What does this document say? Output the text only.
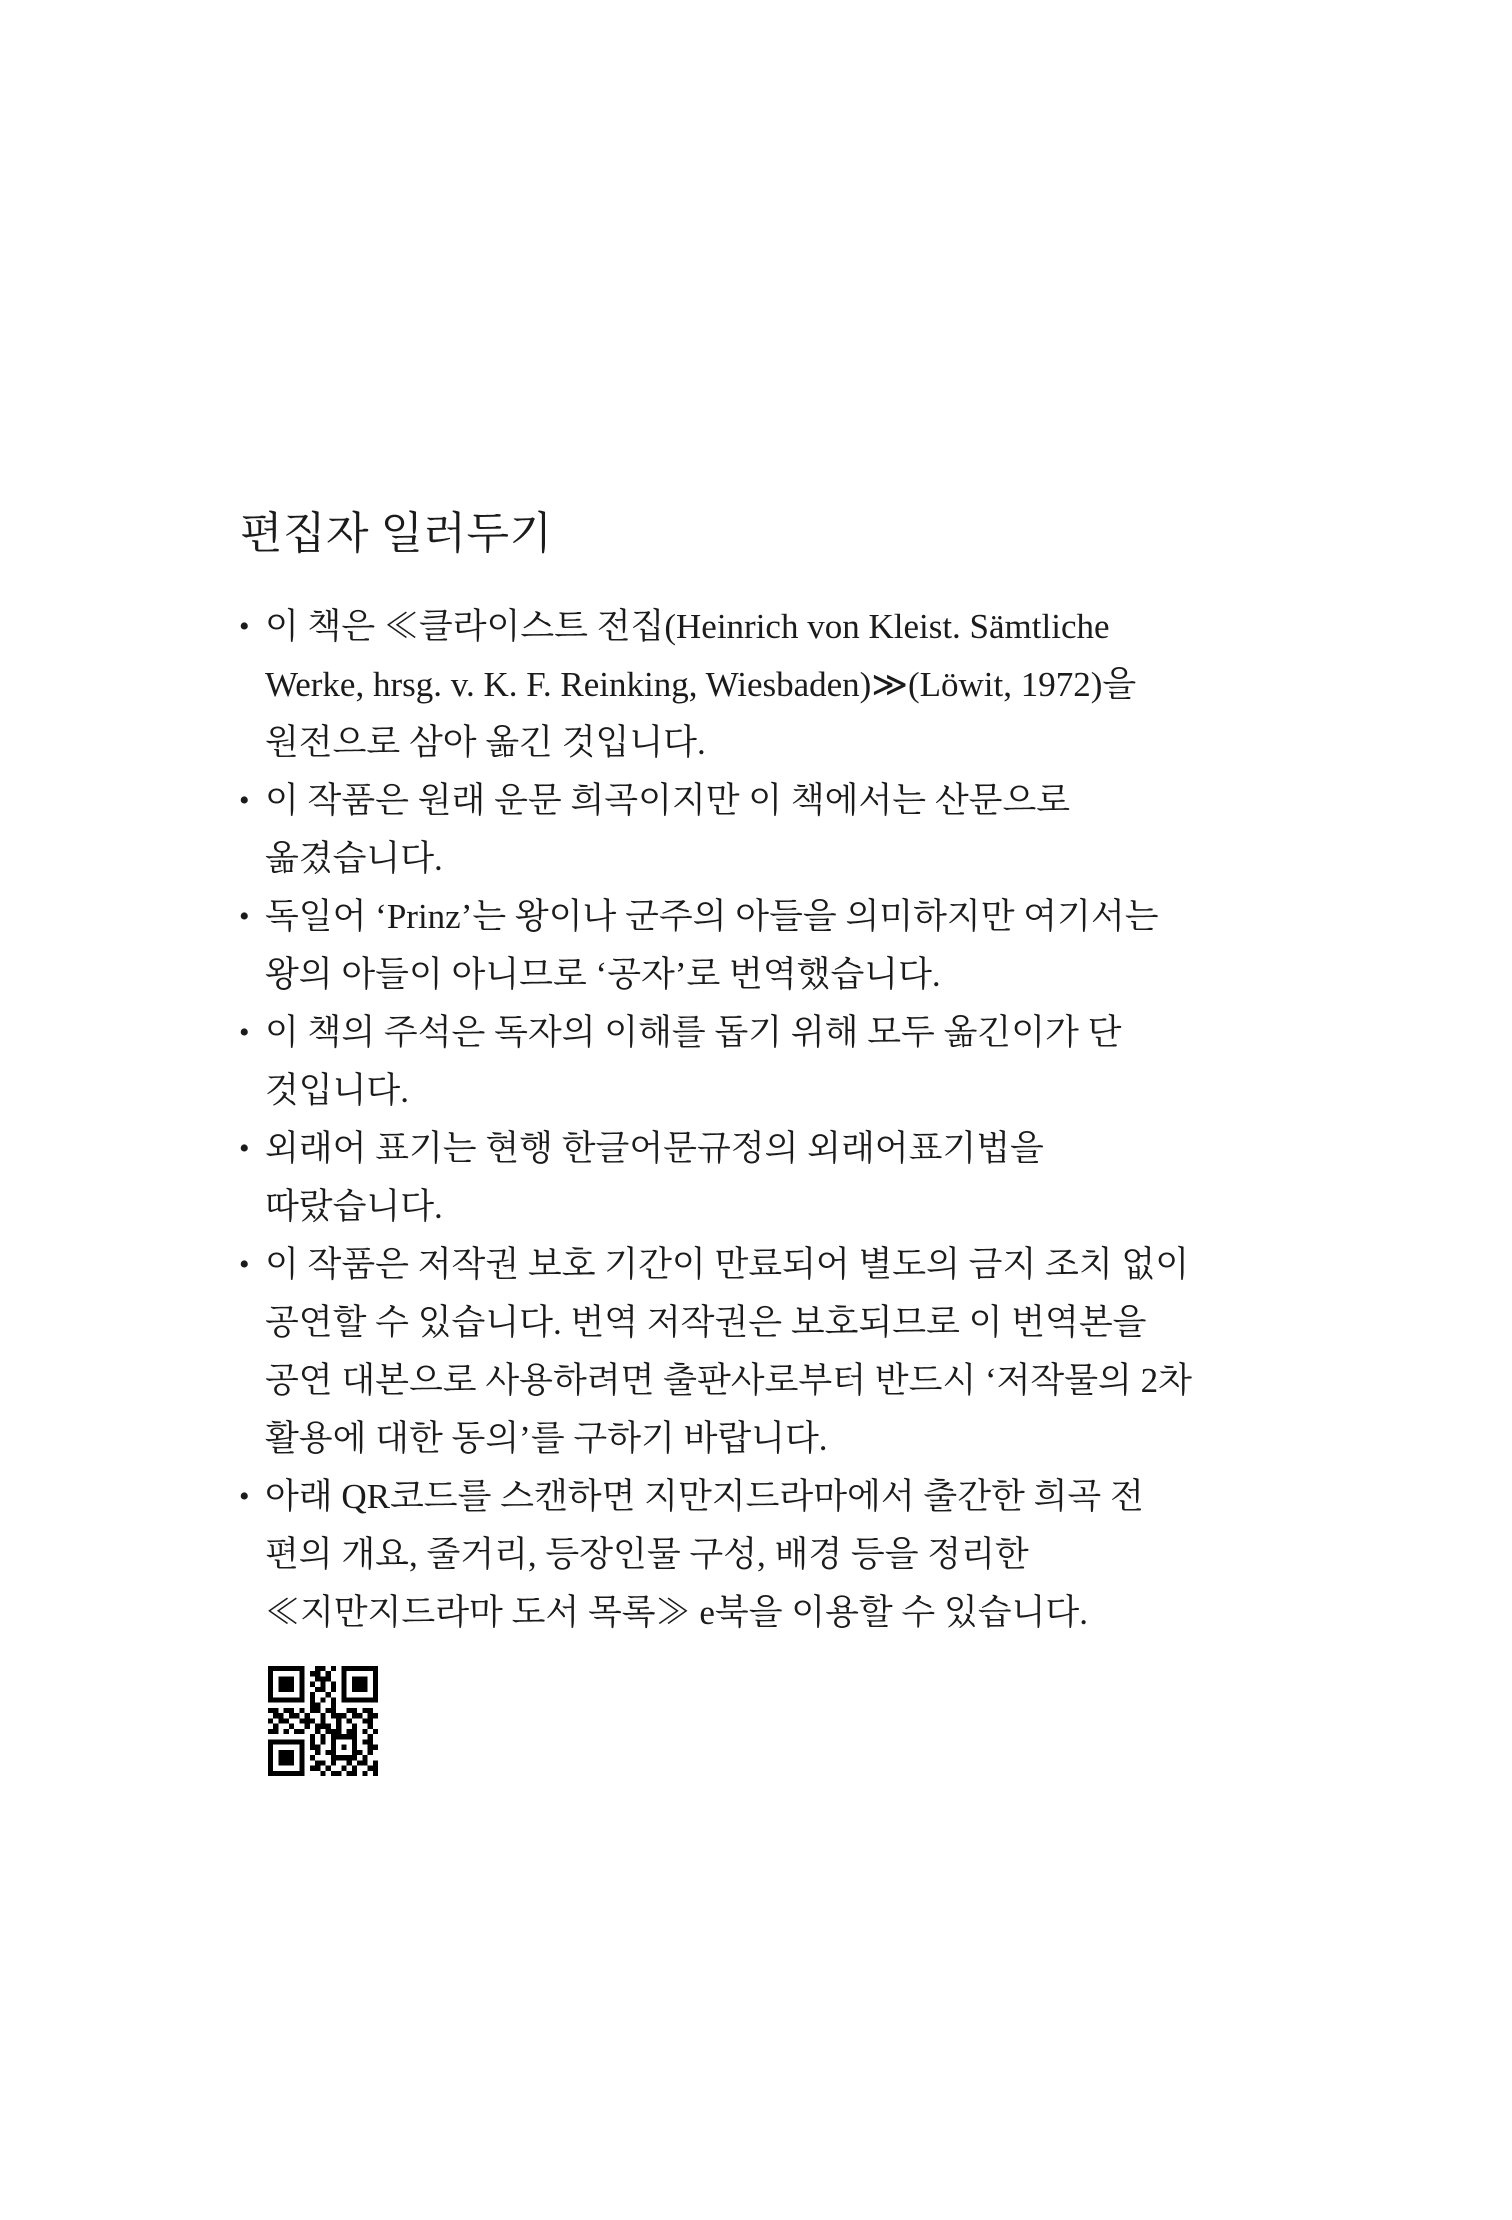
편집자 일러두기
• 이 책은 ≪클라이스트 전집(Heinrich von Kleist. Sämtliche
Werke, hrsg. v. K. F. Reinking, Wiesbaden)≫(Löwit, 1972)을
원전으로 삼아 옮긴 것입니다.
• 이 작품은 원래 운문 희곡이지만 이 책에서는 산문으로
옮겼습니다.
• 독일어 ‘Prinz’는 왕이나 군주의 아들을 의미하지만 여기서는
왕의 아들이 아니므로 ‘공자’로 번역했습니다.
• 이 책의 주석은 독자의 이해를 돕기 위해 모두 옮긴이가 단
것입니다.
• 외래어 표기는 현행 한글어문규정의 외래어표기법을
따랐습니다.
• 이 작품은 저작권 보호 기간이 만료되어 별도의 금지 조치 없이
공연할 수 있습니다. 번역 저작권은 보호되므로 이 번역본을
공연 대본으로 사용하려면 출판사로부터 반드시 ‘저작물의 2차
활용에 대한 동의’를 구하기 바랍니다.
• 아래 QR코드를 스캔하면 지만지드라마에서 출간한 희곡 전
편의 개요, 줄거리, 등장인물 구성, 배경 등을 정리한
≪지만지드라마 도서 목록≫ e북을 이용할 수 있습니다.
